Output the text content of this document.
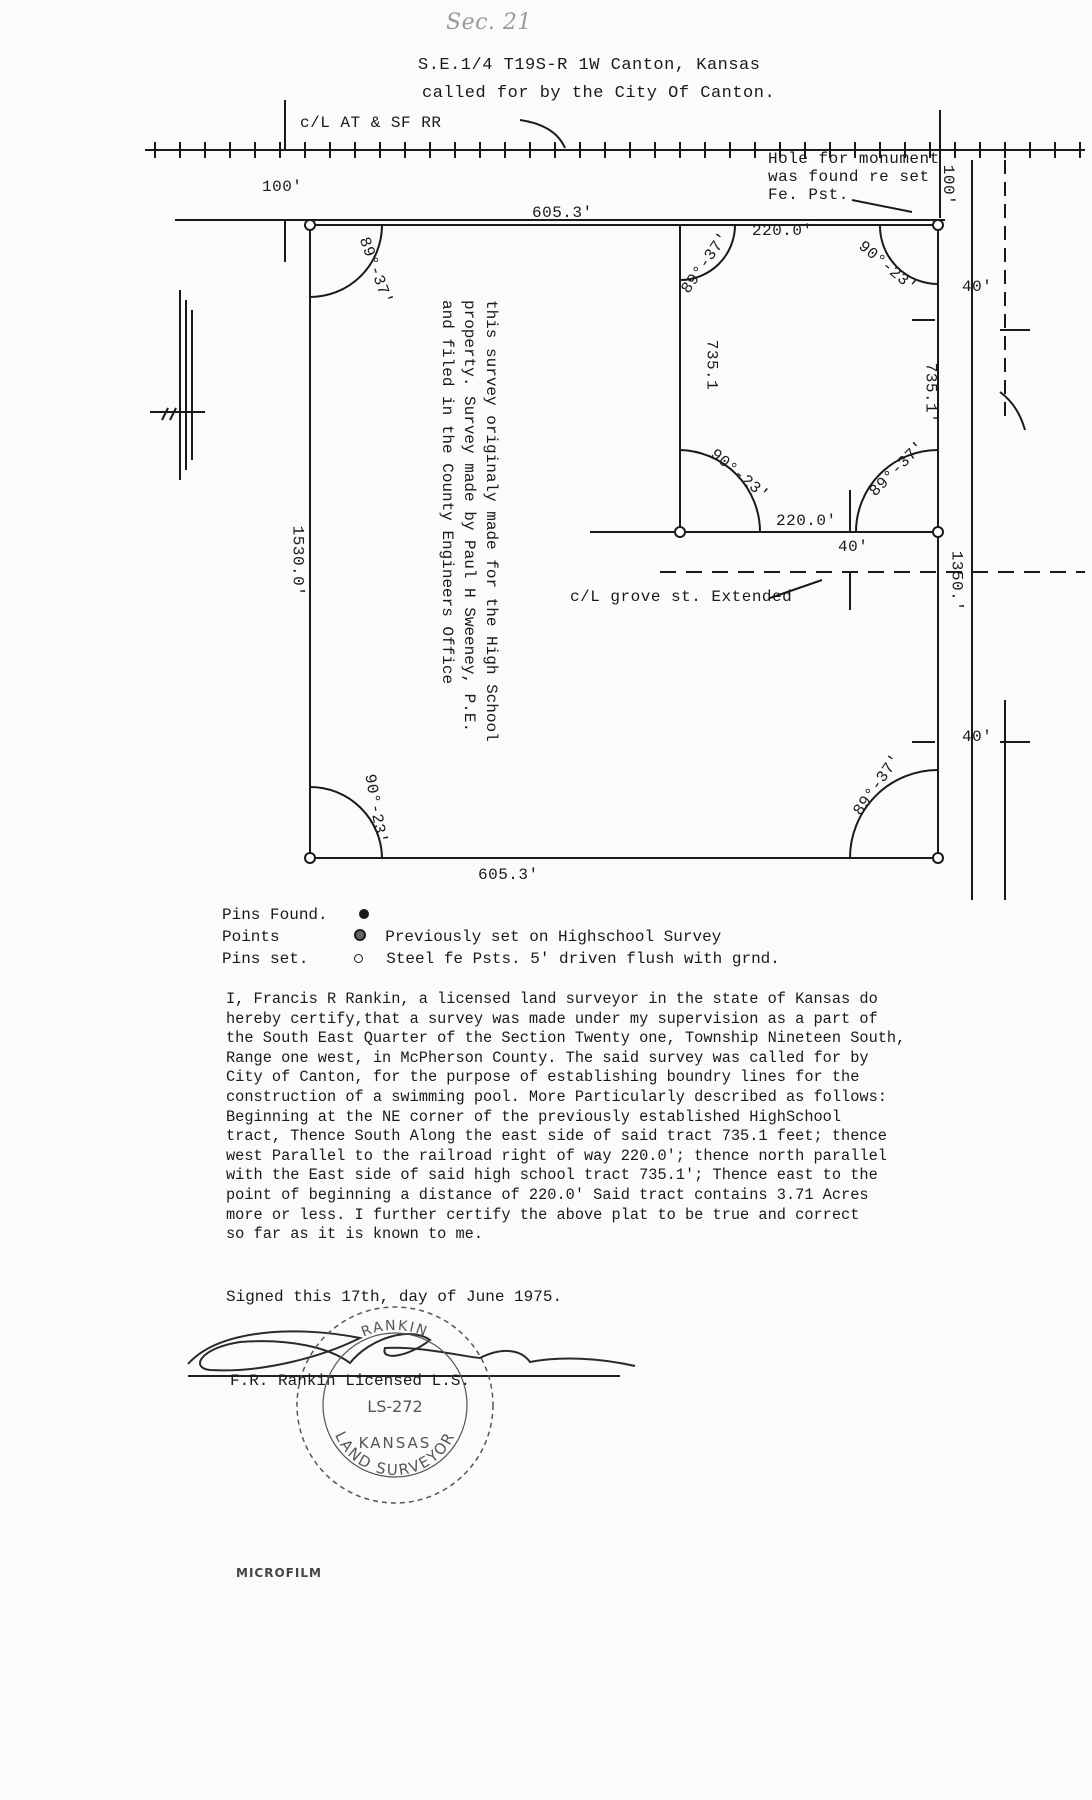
Sec. 21
S.E.1/4 T19S-R 1W Canton, Kansas
called for by the City Of Canton.
c/L AT & SF RR
100'	100'
605.3'
605.3'
1530.0'	1350.'
220.0'
220.0'
735.1	735.1'
Hole for monument
was found re set
Fe. Pst.
c/L grove st. Extended
40'
40'
40'
89°-37'
90°-23'	89°-37'
89°-37'	90°-23'
90°-23'	89°-37'
this survey originaly made for the High School
property. Survey made by Paul H Sweeney, P.E.
and filed in the County Engineers Office
Pins Found.
Points	Previously set on Highschool Survey
Pins set.	Steel fe Psts. 5' driven flush with grnd.
I, Francis R Rankin, a licensed land surveyor in the state of Kansas do
hereby certify,that a survey was made under my supervision as a part of
the South East Quarter of the Section Twenty one, Township Nineteen South,
Range one west, in McPherson County. The said survey was called for by
City of Canton, for the purpose of establishing boundry lines for the
construction of a swimming pool. More Particularly described as follows:
Beginning at the NE corner of the previously established HighSchool
tract, Thence South Along the east side of said tract 735.1 feet; thence
west Parallel to the railroad right of way 220.0'; thence north parallel
with the East side of said high school tract 735.1'; Thence east to the
point of beginning a distance of 220.0' Said tract contains 3.71 Acres
more or less. I further certify the above plat to be true and correct
so far as it is known to me.
Signed this 17th, day of June 1975.
F.R. Rankin Licensed L.S.
RANKIN
LS-272
KANSAS
LAND SURVEYOR
MICROFILM
